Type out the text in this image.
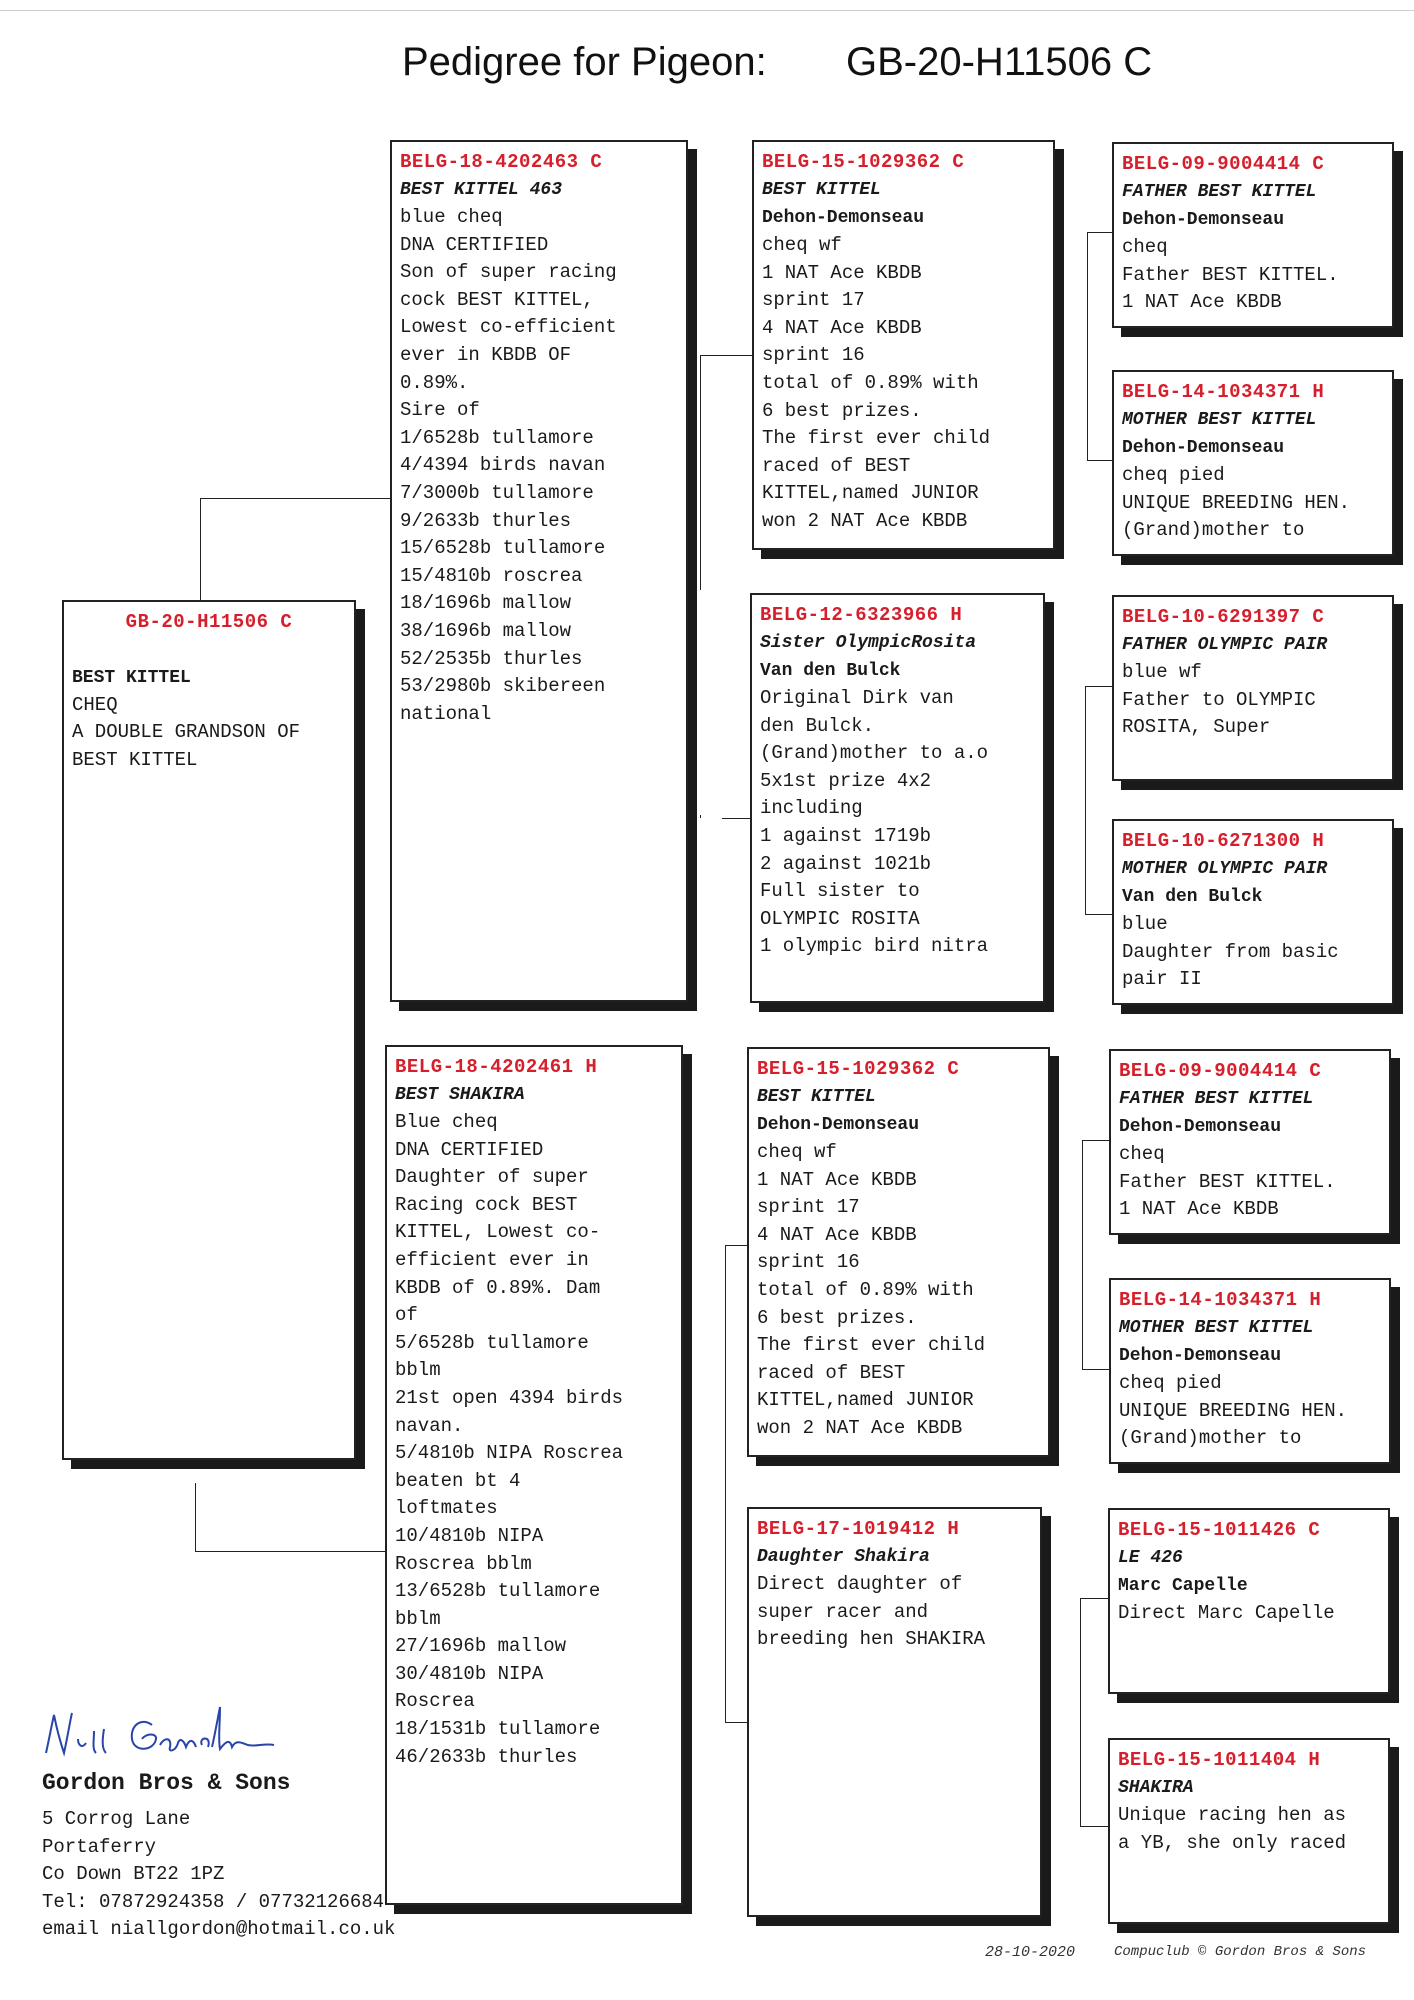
Pedigree for Pigeon: GB-20-H11506 C
GB-20-H11506 C
BEST KITTEL
CHEQ
A DOUBLE GRANDSON OF
BEST KITTEL
BELG-18-4202463 C
BEST KITTEL 463
blue cheq
DNA CERTIFIED
Son of super racing
cock BEST KITTEL,
Lowest co-efficient
ever in KBDB OF
0.89%.
Sire of
1/6528b tullamore
4/4394 birds navan
7/3000b tullamore
9/2633b thurles
15/6528b tullamore
15/4810b roscrea
18/1696b mallow
38/1696b mallow
52/2535b thurles
53/2980b skibereen
national
BELG-18-4202461 H
BEST SHAKIRA
Blue cheq
DNA CERTIFIED
Daughter of super
Racing cock BEST
KITTEL, Lowest co-
efficient ever in
KBDB of 0.89%. Dam
of
5/6528b tullamore
bblm
21st open 4394 birds
navan.
5/4810b NIPA Roscrea
beaten bt 4
loftmates
10/4810b NIPA
Roscrea bblm
13/6528b tullamore
bblm
27/1696b mallow
30/4810b NIPA
Roscrea
18/1531b tullamore
46/2633b thurles
BELG-15-1029362 C
BEST KITTEL
Dehon-Demonseau
cheq wf
1 NAT Ace KBDB
sprint 17
4 NAT Ace KBDB
sprint 16
total of 0.89% with
6 best prizes.
The first ever child
raced of BEST
KITTEL,named JUNIOR
won 2 NAT Ace KBDB
BELG-12-6323966 H
Sister OlympicRosita
Van den Bulck
Original Dirk van
den Bulck.
(Grand)mother to a.o
5x1st prize 4x2
including
1 against 1719b
2 against 1021b
Full sister to
OLYMPIC ROSITA
1 olympic bird nitra
BELG-15-1029362 C
BEST KITTEL
Dehon-Demonseau
cheq wf
1 NAT Ace KBDB
sprint 17
4 NAT Ace KBDB
sprint 16
total of 0.89% with
6 best prizes.
The first ever child
raced of BEST
KITTEL,named JUNIOR
won 2 NAT Ace KBDB
BELG-17-1019412 H
Daughter Shakira
Direct daughter of
super racer and
breeding hen SHAKIRA
BELG-09-9004414 C
FATHER BEST KITTEL
Dehon-Demonseau
cheq
Father BEST KITTEL.
1 NAT Ace KBDB
BELG-14-1034371 H
MOTHER BEST KITTEL
Dehon-Demonseau
cheq pied
UNIQUE BREEDING HEN.
(Grand)mother to
BELG-10-6291397 C
FATHER OLYMPIC PAIR
blue wf
Father to OLYMPIC
ROSITA, Super
BELG-10-6271300 H
MOTHER OLYMPIC PAIR
Van den Bulck
blue
Daughter from basic
pair II
BELG-09-9004414 C
FATHER BEST KITTEL
Dehon-Demonseau
cheq
Father BEST KITTEL.
1 NAT Ace KBDB
BELG-14-1034371 H
MOTHER BEST KITTEL
Dehon-Demonseau
cheq pied
UNIQUE BREEDING HEN.
(Grand)mother to
BELG-15-1011426 C
LE 426
Marc Capelle
Direct Marc Capelle
BELG-15-1011404 H
SHAKIRA
Unique racing hen as
a YB, she only raced
Gordon Bros & Sons
5 Corrog Lane
Portaferry
Co Down BT22 1PZ
Tel: 07872924358 / 07732126684
email niallgordon@hotmail.co.uk
28-10-2020	Compuclub © Gordon Bros & Sons
